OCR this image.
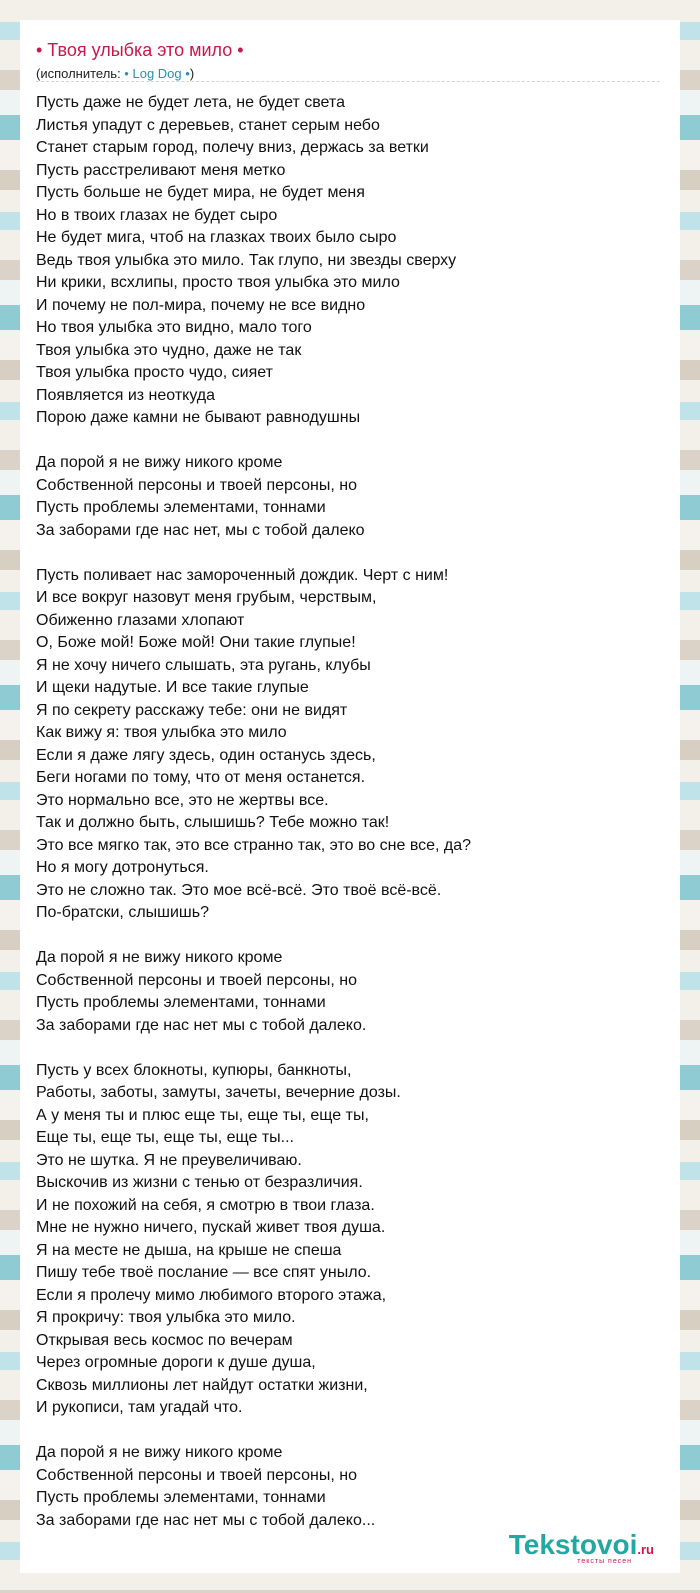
• Твоя улыбка это мило •
(исполнитель: • Log Dog •)
Пусть даже не будет лета, не будет света
Листья упадут с деревьев, станет серым небо
Станет старым город, полечу вниз, держась за ветки
Пусть расстреливают меня метко
Пусть больше не будет мира, не будет меня
Но в твоих глазах не будет сыро
Не будет мига, чтоб на глазках твоих было сыро
Ведь твоя улыбка это мило. Так глупо, ни звезды сверху
Ни крики, всхлипы, просто твоя улыбка это мило
И почему не пол-мира, почему не все видно
Но твоя улыбка это видно, мало того
Твоя улыбка это чудно, даже не так
Твоя улыбка просто чудо, сияет
Появляется из неоткуда
Порою даже камни не бывают равнодушны
Да порой я не вижу никого кроме
Собственной персоны и твоей персоны, но
Пусть проблемы элементами, тоннами
За заборами где нас нет, мы с тобой далеко
Пусть поливает нас замороченный дождик. Черт с ним!
И все вокруг назовут меня грубым, черствым,
Обиженно глазами хлопают
О, Боже мой! Боже мой! Они такие глупые!
Я не хочу ничего слышать, эта ругань, клубы
И щеки надутые. И все такие глупые
Я по секрету расскажу тебе: они не видят
Как вижу я: твоя улыбка это мило
Если я даже лягу здесь, один останусь здесь,
Беги ногами по тому, что от меня останется.
Это нормально все, это не жертвы все.
Так и должно быть, слышишь? Тебе можно так!
Это все мягко так, это все странно так, это во сне все, да?
Но я могу дотронуться.
Это не сложно так. Это мое всё-всё. Это твоё всё-всё.
По-братски, слышишь?
Да порой я не вижу никого кроме
Собственной персоны и твоей персоны, но
Пусть проблемы элементами, тоннами
За заборами где нас нет мы с тобой далеко.
Пусть у всех блокноты, купюры, банкноты,
Работы, заботы, замуты, зачеты, вечерние дозы.
А у меня ты и плюс еще ты, еще ты, еще ты,
Еще ты, еще ты, еще ты, еще ты...
Это не шутка. Я не преувеличиваю.
Выскочив из жизни с тенью от безразличия.
И не похожий на себя, я смотрю в твои глаза.
Мне не нужно ничего, пускай живет твоя душа.
Я на месте не дыша, на крыше не спеша
Пишу тебе твоё послание — все спят уныло.
Если я пролечу мимо любимого второго этажа,
Я прокричу: твоя улыбка это мило.
Открывая весь космос по вечерам
Через огромные дороги к душе душа,
Сквозь миллионы лет найдут остатки жизни,
И рукописи, там угадай что.
Да порой я не вижу никого кроме
Собственной персоны и твоей персоны, но
Пусть проблемы элементами, тоннами
За заборами где нас нет мы с тобой далеко...
Tekstovoi.ru
тексты песен
